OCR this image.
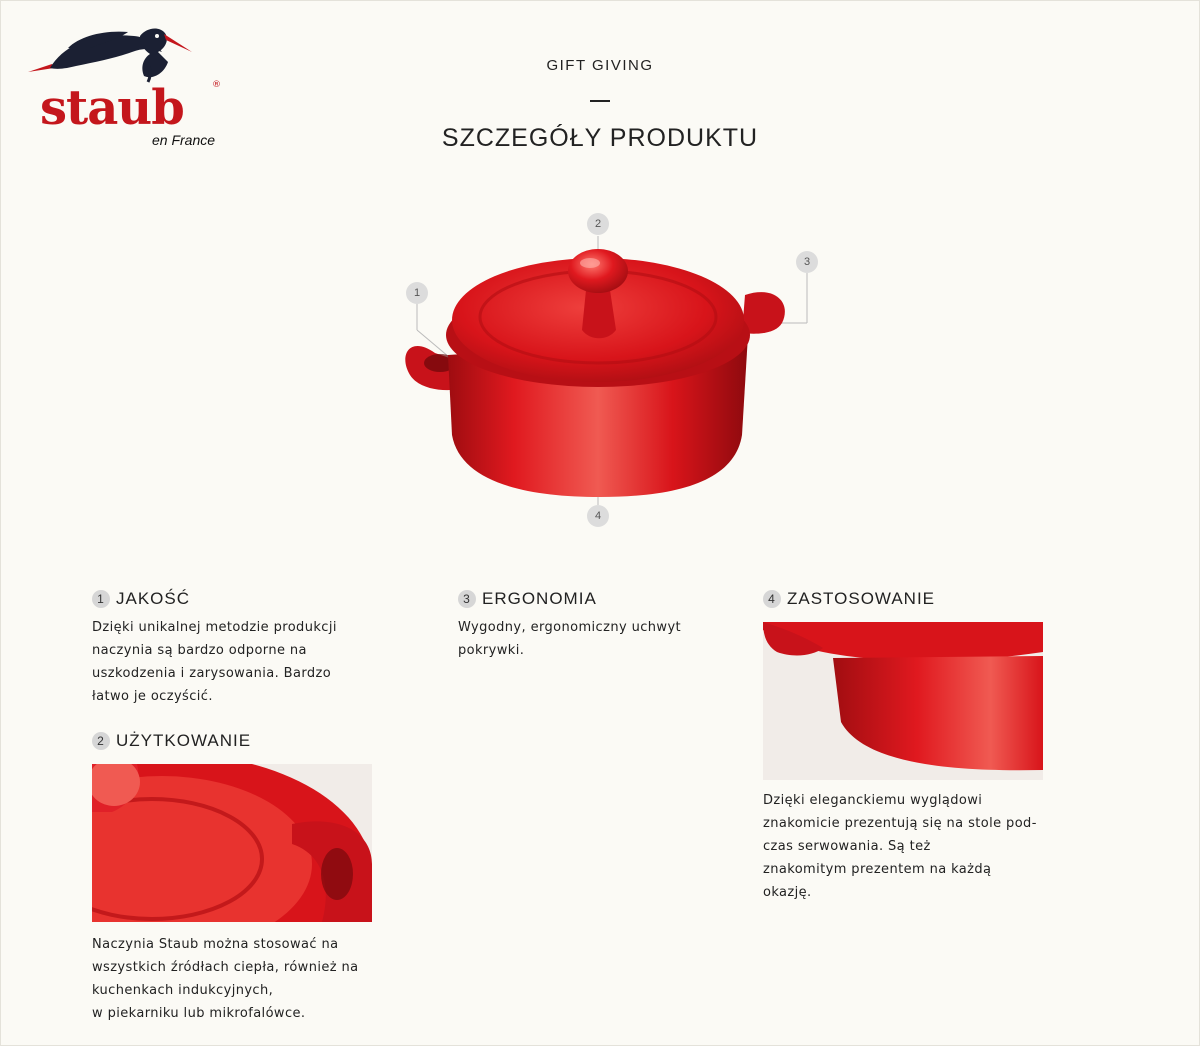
staub	®
en France
GIFT GIVING
SZCZEGÓŁY PRODUKTU
1
2
3
4
1 JAKOŚĆ
Dzięki unikalnej metodzie produkcji
naczynia są bardzo odporne na
uszkodzenia i zarysowania. Bardzo
łatwo je oczyścić.
2 UŻYTKOWANIE
Naczynia Staub można stosować na
wszystkich źródłach ciepła, również na
kuchenkach indukcyjnych,
w piekarniku lub mikrofalówce.
3 ERGONOMIA
Wygodny, ergonomiczny uchwyt
pokrywki.
4 ZASTOSOWANIE
Dzięki eleganckiemu wyglądowi
znakomicie prezentują się na stole pod-
czas serwowania. Są też
znakomitym prezentem na każdą
okazję.
